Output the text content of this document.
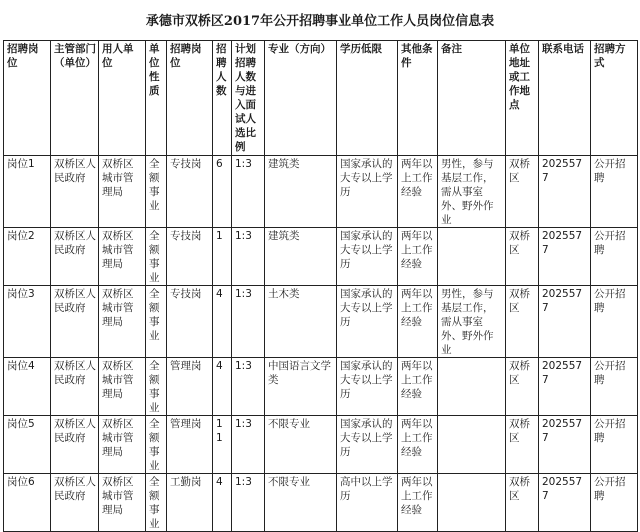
承德市双桥区2017年公开招聘事业单位工作人员岗位信息表
招聘岗位	主管部门（单位）	用人单位	单位性质	招聘岗位	招聘人数	计划招聘人数与进入面试人选比例	专业（方向）	学历低限	其他条件	备注	单位地址或工作地点	联系电话	招聘方式
岗位1	双桥区人民政府	双桥区城市管理局	全额事业	专技岗	6	1:3	建筑类	国家承认的大专以上学历	两年以上工作经验	男性，参与基层工作，需从事室外、野外作业	双桥区	2025577	公开招聘
岗位2	双桥区人民政府	双桥区城市管理局	全额事业	专技岗	1	1:3	建筑类	国家承认的大专以上学历	两年以上工作经验		双桥区	2025577	公开招聘
岗位3	双桥区人民政府	双桥区城市管理局	全额事业	专技岗	4	1:3	土木类	国家承认的大专以上学历	两年以上工作经验	男性，参与基层工作，需从事室外、野外作业	双桥区	2025577	公开招聘
岗位4	双桥区人民政府	双桥区城市管理局	全额事业	管理岗	4	1:3	中国语言文学类	国家承认的大专以上学历	两年以上工作经验		双桥区	2025577	公开招聘
岗位5	双桥区人民政府	双桥区城市管理局	全额事业	管理岗	11	1:3	不限专业	国家承认的大专以上学历	两年以上工作经验		双桥区	2025577	公开招聘
岗位6	双桥区人民政府	双桥区城市管理局	全额事业	工勤岗	4	1:3	不限专业	高中以上学历	两年以上工作经验		双桥区	2025577	公开招聘
